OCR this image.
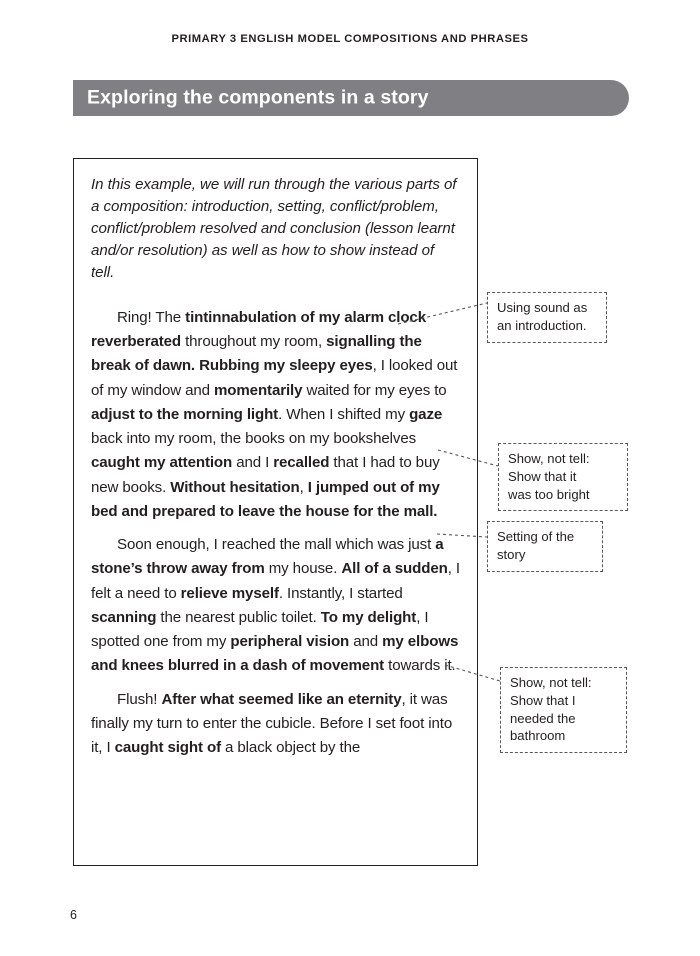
PRIMARY 3 ENGLISH MODEL COMPOSITIONS AND PHRASES
Exploring the components in a story

In this example, we will run through the various parts of a composition: introduction, setting, conflict/problem, conflict/problem resolved and conclusion (lesson learnt and/or resolution) as well as how to show instead of tell.

Ring! The tintinnabulation of my alarm clock reverberated throughout my room, signalling the break of dawn. Rubbing my sleepy eyes, I looked out of my window and momentarily waited for my eyes to adjust to the morning light. When I shifted my gaze back into my room, the books on my bookshelves caught my attention and I recalled that I had to buy new books. Without hesitation, I jumped out of my bed and prepared to leave the house for the mall.

Soon enough, I reached the mall which was just a stone’s throw away from my house. All of a sudden, I felt a need to relieve myself. Instantly, I started scanning the nearest public toilet. To my delight, I spotted one from my peripheral vision and my elbows and knees blurred in a dash of movement towards it.

Flush! After what seemed like an eternity, it was finally my turn to enter the cubicle. Before I set foot into it, I caught sight of a black object by the

Using sound as
an introduction.
Show, not tell:
Show that it
was too bright
Setting of the
story
Show, not tell:
Show that I
needed the
bathroom
6
